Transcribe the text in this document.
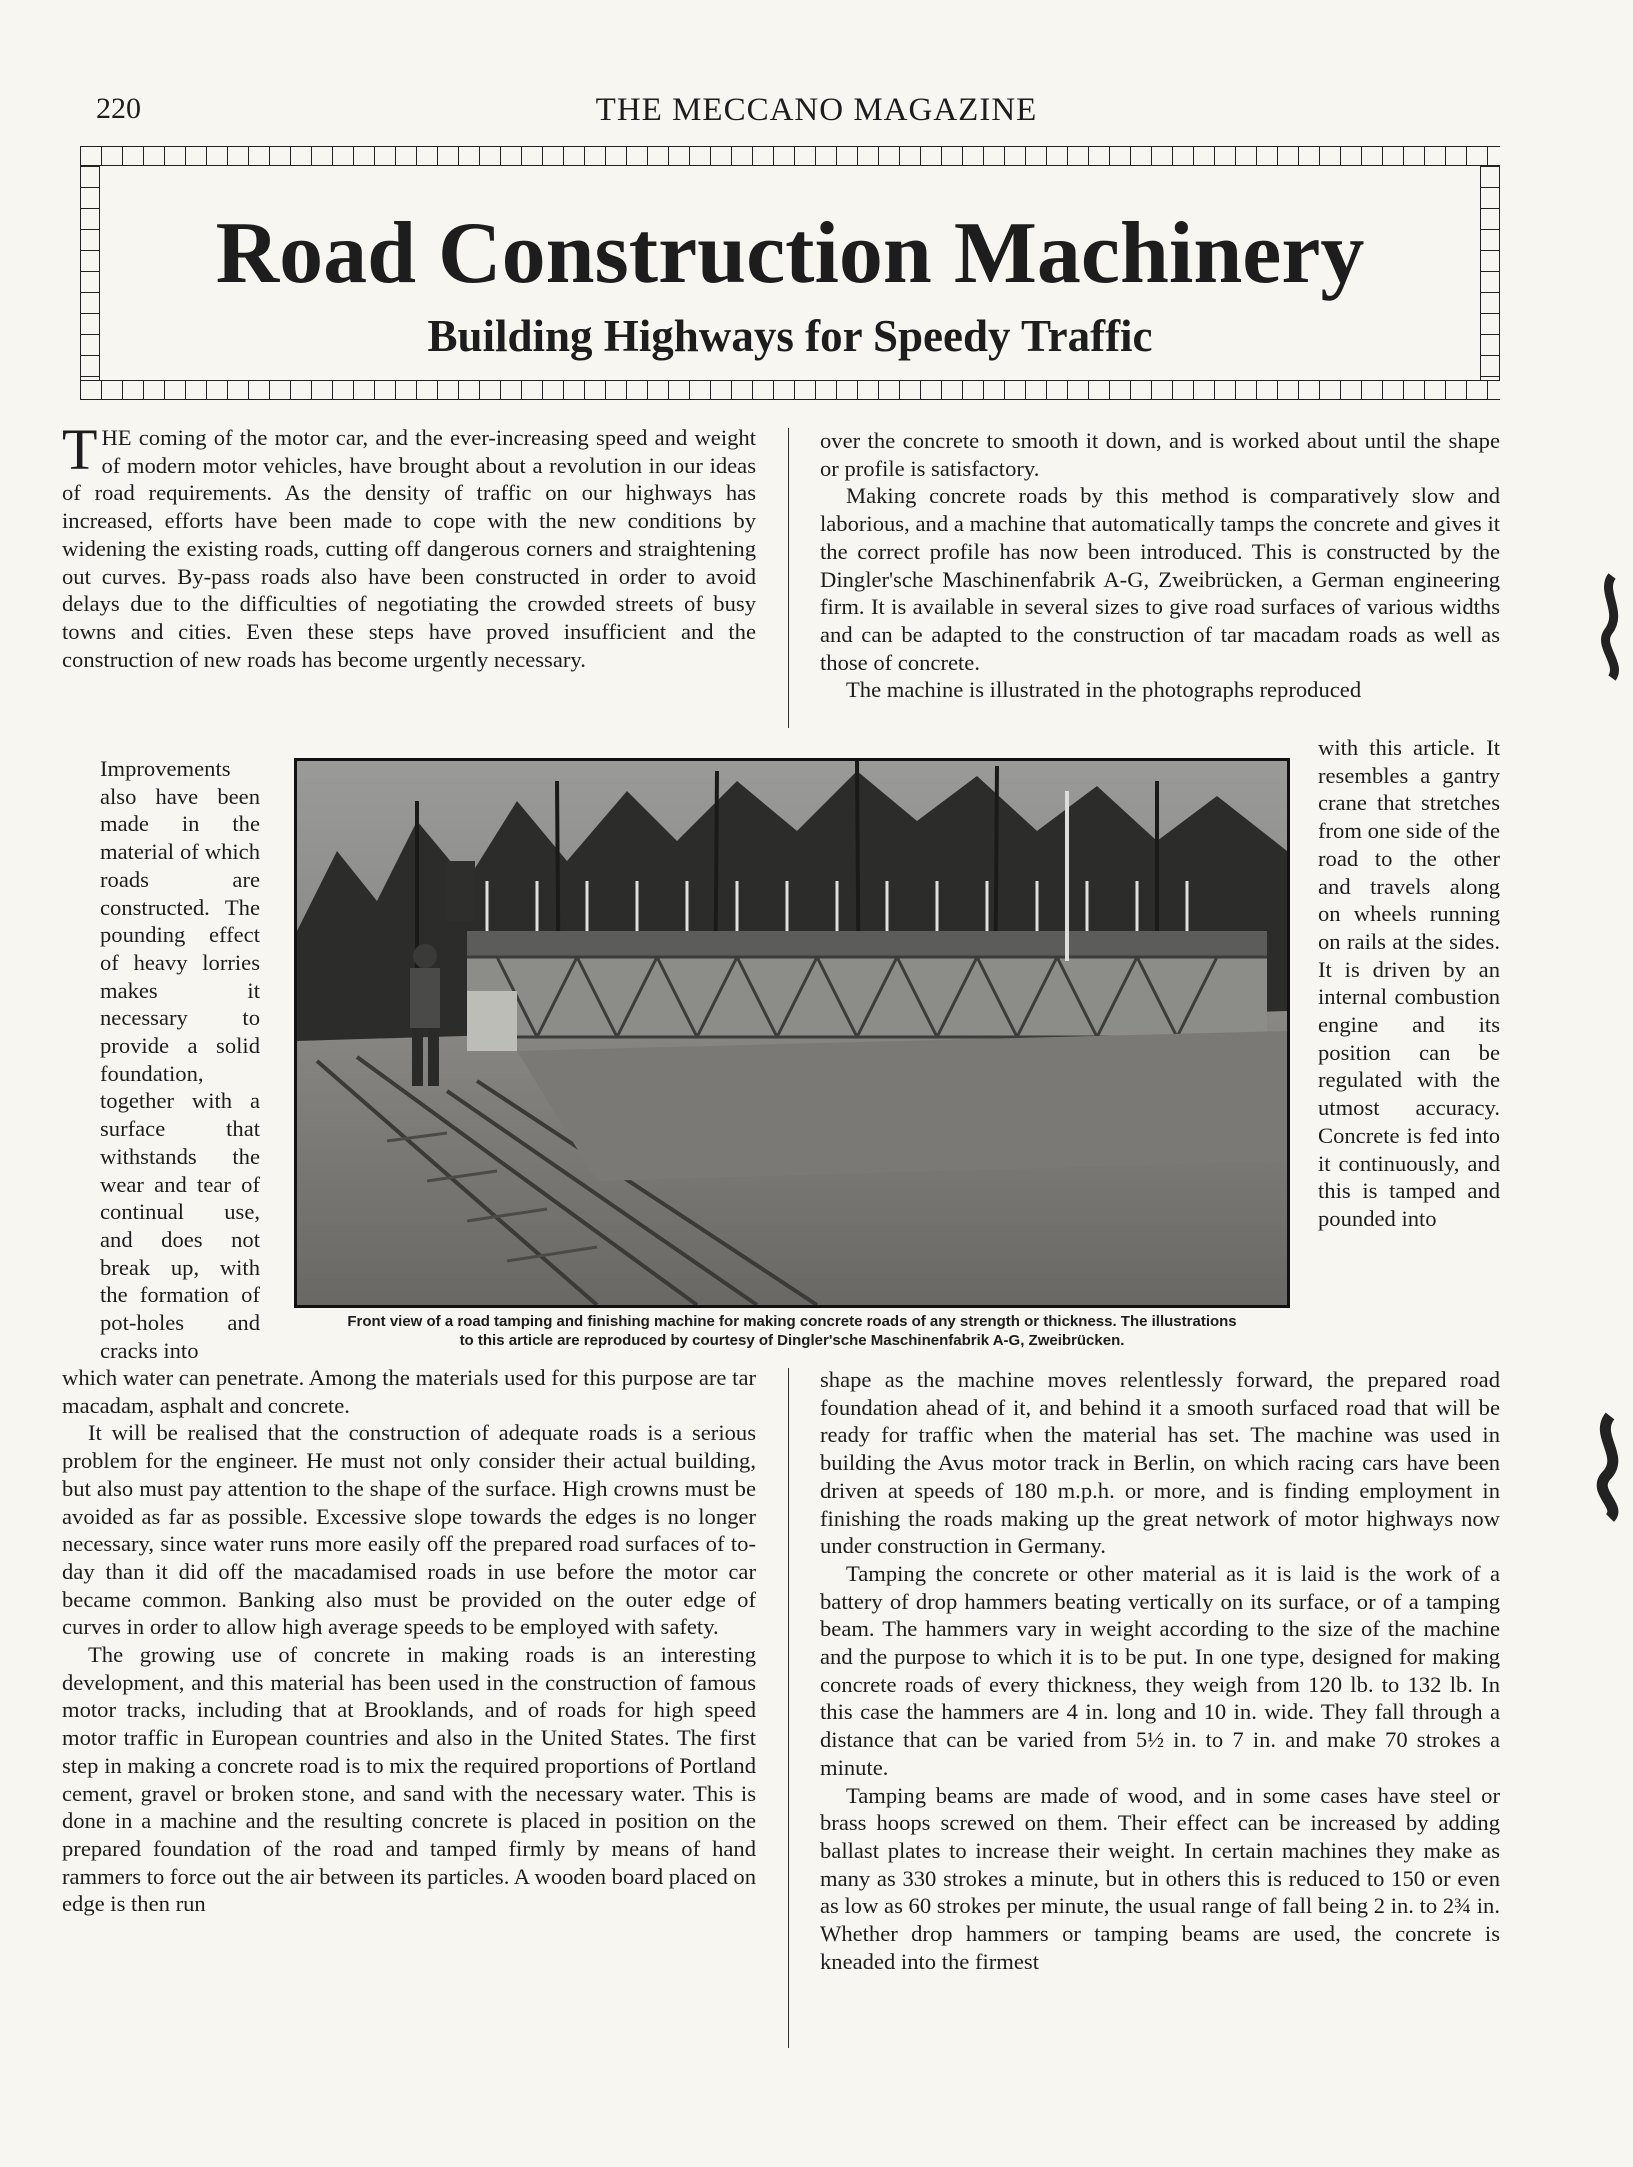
220	THE MECCANO MAGAZINE
Road Construction Machinery
Building Highways for Speedy Traffic

THE coming of the motor car, and the ever-increasing speed and weight of modern motor vehicles, have brought about a revolution in our ideas of road requirements. As the density of traffic on our highways has increased, efforts have been made to cope with the new conditions by widening the existing roads, cutting off dangerous corners and straightening out curves. By-pass roads also have been constructed in order to avoid delays due to the difficulties of negotiating the crowded streets of busy towns and cities. Even these steps have proved insufficient and the construction of new roads has become urgently necessary.

Improvements also have been made in the material of which roads are constructed. The pounding effect of heavy lorries makes it necessary to provide a solid foundation, together with a surface that withstands the wear and tear of continual use, and does not break up, with the formation of pot-holes and cracks into

which water can penetrate. Among the materials used for this purpose are tar macadam, asphalt and concrete.

It will be realised that the construction of adequate roads is a serious problem for the engineer. He must not only consider their actual building, but also must pay attention to the shape of the surface. High crowns must be avoided as far as possible. Excessive slope towards the edges is no longer necessary, since water runs more easily off the prepared road surfaces of to-day than it did off the macadamised roads in use before the motor car became common. Banking also must be provided on the outer edge of curves in order to allow high average speeds to be employed with safety.

The growing use of concrete in making roads is an interesting development, and this material has been used in the construction of famous motor tracks, including that at Brooklands, and of roads for high speed motor traffic in European countries and also in the United States. The first step in making a concrete road is to mix the required proportions of Portland cement, gravel or broken stone, and sand with the necessary water. This is done in a machine and the resulting concrete is placed in position on the prepared foundation of the road and tamped firmly by means of hand rammers to force out the air between its particles. A wooden board placed on edge is then run

over the concrete to smooth it down, and is worked about until the shape or profile is satisfactory.

Making concrete roads by this method is comparatively slow and laborious, and a machine that automatically tamps the concrete and gives it the correct profile has now been introduced. This is constructed by the Dingler'sche Maschinenfabrik A-G, Zweibrücken, a German engineering firm. It is available in several sizes to give road surfaces of various widths and can be adapted to the construction of tar macadam roads as well as those of concrete.

The machine is illustrated in the photographs reproduced

with this article. It resembles a gantry crane that stretches from one side of the road to the other and travels along on wheels running on rails at the sides. It is driven by an internal combustion engine and its position can be regulated with the utmost accuracy. Concrete is fed into it continuously, and this is tamped and pounded into

shape as the machine moves relentlessly forward, the prepared road foundation ahead of it, and behind it a smooth surfaced road that will be ready for traffic when the material has set. The machine was used in building the Avus motor track in Berlin, on which racing cars have been driven at speeds of 180 m.p.h. or more, and is finding employment in finishing the roads making up the great network of motor highways now under construction in Germany.

Tamping the concrete or other material as it is laid is the work of a battery of drop hammers beating vertically on its surface, or of a tamping beam. The hammers vary in weight according to the size of the machine and the purpose to which it is to be put. In one type, designed for making concrete roads of every thickness, they weigh from 120 lb. to 132 lb. In this case the hammers are 4 in. long and 10 in. wide. They fall through a distance that can be varied from 5½ in. to 7 in. and make 70 strokes a minute.

Tamping beams are made of wood, and in some cases have steel or brass hoops screwed on them. Their effect can be increased by adding ballast plates to increase their weight. In certain machines they make as many as 330 strokes a minute, but in others this is reduced to 150 or even as low as 60 strokes per minute, the usual range of fall being 2 in. to 2¾ in. Whether drop hammers or tamping beams are used, the concrete is kneaded into the firmest

Front view of a road tamping and finishing machine for making concrete roads of any strength or thickness. The illustrations
to this article are reproduced by courtesy of Dingler'sche Maschinenfabrik A-G, Zweibrücken.
